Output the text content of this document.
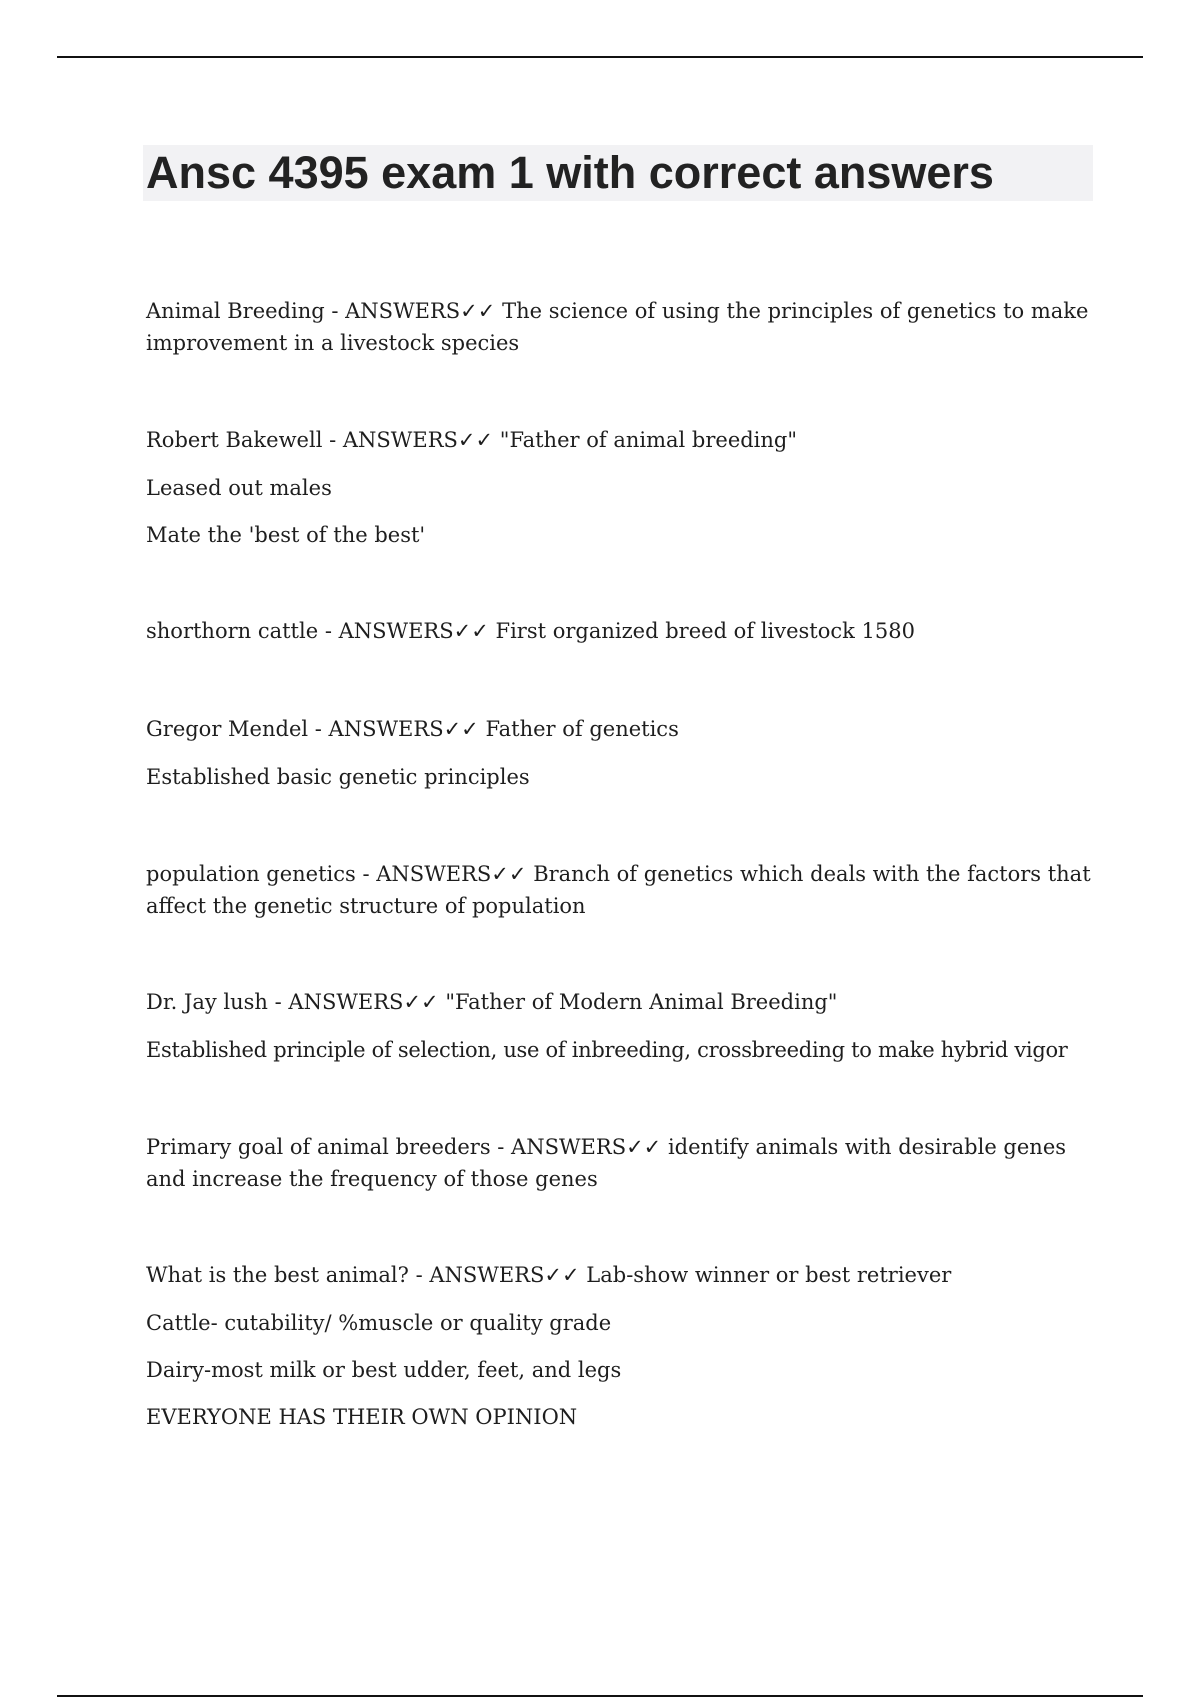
Ansc 4395 exam 1 with correct answers

Animal Breeding - ANSWERS✓✓ The science of using the principles of genetics to make improvement in a livestock species

Robert Bakewell - ANSWERS✓✓ "Father of animal breeding"

Leased out males

Mate the 'best of the best'

shorthorn cattle - ANSWERS✓✓ First organized breed of livestock 1580

Gregor Mendel - ANSWERS✓✓ Father of genetics

Established basic genetic principles

population genetics - ANSWERS✓✓ Branch of genetics which deals with the factors that affect the genetic structure of population

Dr. Jay lush - ANSWERS✓✓ "Father of Modern Animal Breeding"

Established principle of selection, use of inbreeding, crossbreeding to make hybrid vigor

Primary goal of animal breeders - ANSWERS✓✓ identify animals with desirable genes and increase the frequency of those genes

What is the best animal? - ANSWERS✓✓ Lab-show winner or best retriever

Cattle- cutability/ %muscle or quality grade

Dairy-most milk or best udder, feet, and legs

EVERYONE HAS THEIR OWN OPINION
